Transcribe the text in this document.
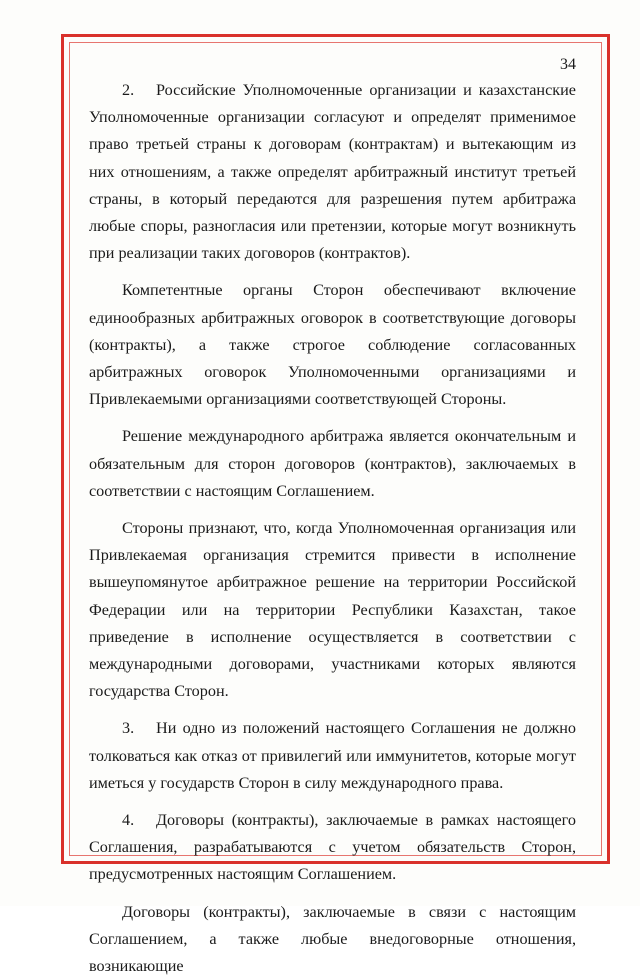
34

2. Российские Уполномоченные организации и казахстанские Уполномоченные организации согласуют и определят применимое право третьей страны к договорам (контрактам) и вытекающим из них отношениям, а также определят арбитражный институт третьей страны, в который передаются для разрешения путем арбитража любые споры, разногласия или претензии, которые могут возникнуть при реализации таких договоров (контрактов).

Компетентные органы Сторон обеспечивают включение единообразных арбитражных оговорок в соответствующие договоры (контракты), а также строгое соблюдение согласованных арбитражных оговорок Уполномоченными организациями и Привлекаемыми организациями соответствующей Стороны.

Решение международного арбитража является окончательным и обязательным для сторон договоров (контрактов), заключаемых в соответствии с настоящим Соглашением.

Стороны признают, что, когда Уполномоченная организация или Привлекаемая организация стремится привести в исполнение вышеупомянутое арбитражное решение на территории Российской Федерации или на территории Республики Казахстан, такое приведение в исполнение осуществляется в соответствии с международными договорами, участниками которых являются государства Сторон.

3. Ни одно из положений настоящего Соглашения не должно толковаться как отказ от привилегий или иммунитетов, которые могут иметься у государств Сторон в силу международного права.

4. Договоры (контракты), заключаемые в рамках настоящего Соглашения, разрабатываются с учетом обязательств Сторон, предусмотренных настоящим Соглашением.

Договоры (контракты), заключаемые в связи с настоящим Соглашением, а также любые внедоговорные отношения, возникающие
